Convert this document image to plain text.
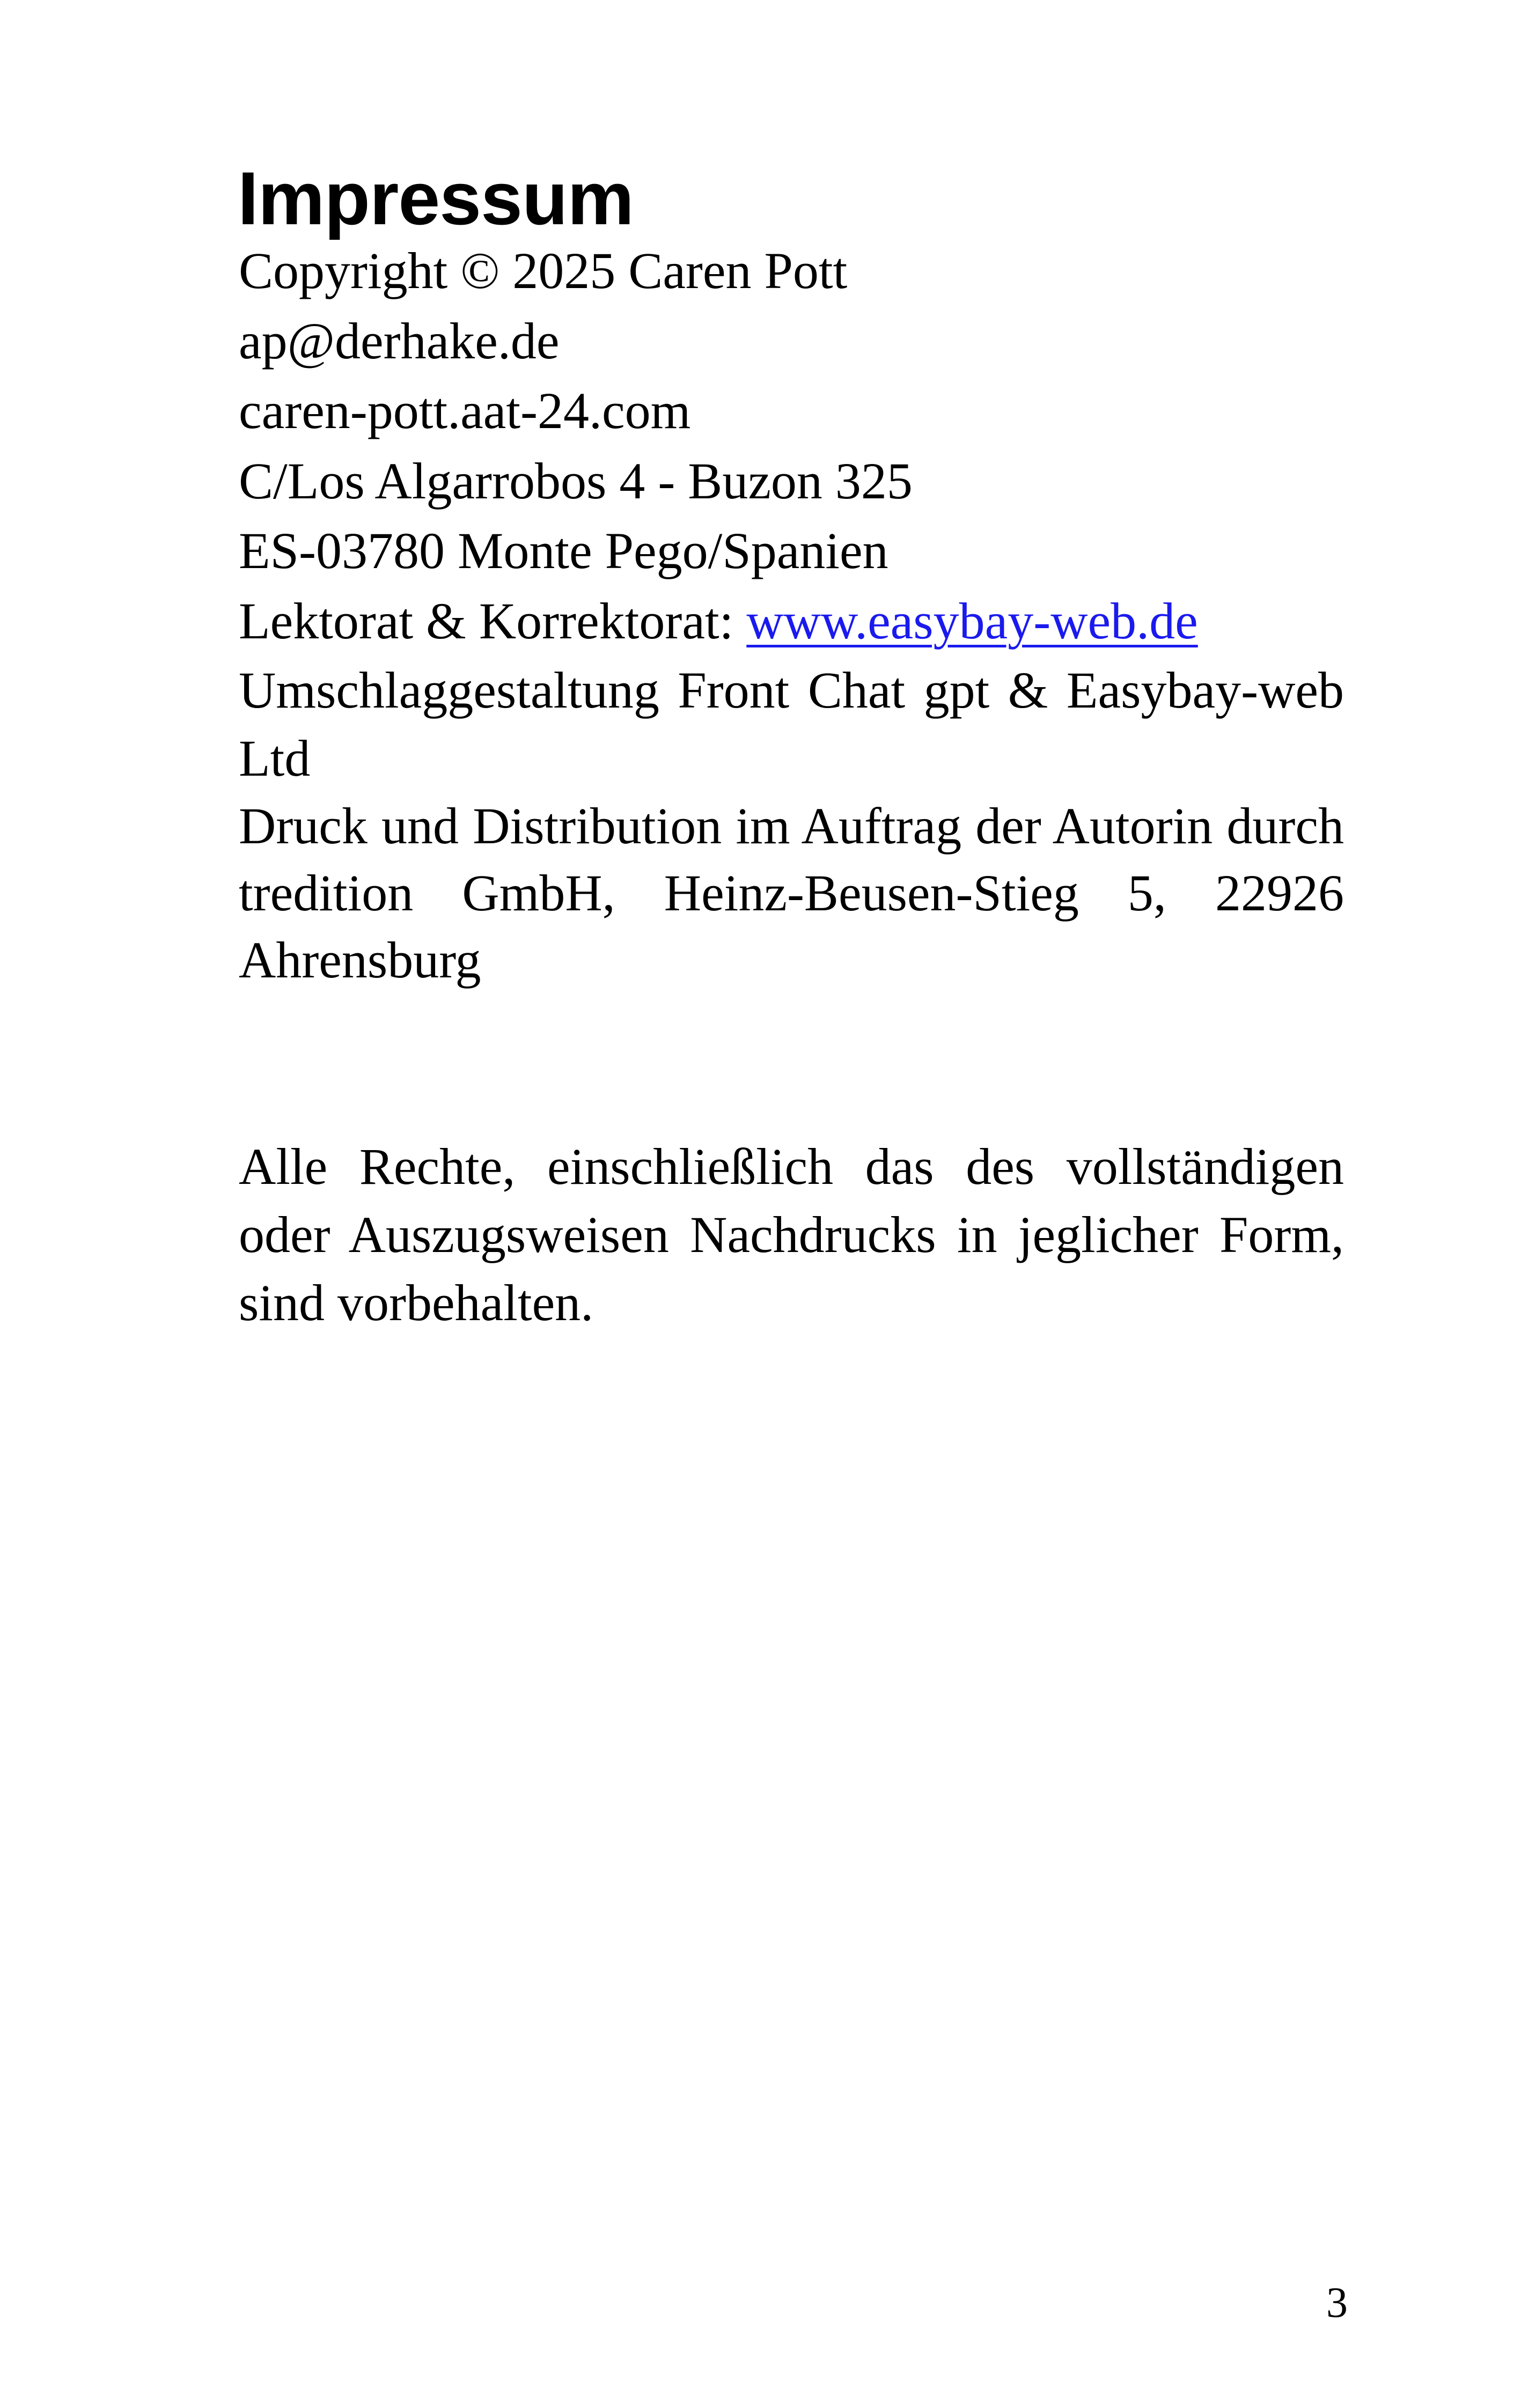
Impressum

Copyright © 2025 Caren Pott

ap@derhake.de

caren-pott.aat-24.com

C/Los Algarrobos 4 - Buzon 325

ES-03780 Monte Pego/Spanien

Lektorat & Korrektorat: www.easybay-web.de

Umschlaggestaltung Front Chat gpt & Easybay-web Ltd

Druck und Distribution im Auftrag der Autorin durch tredition GmbH, Heinz-Beusen-Stieg 5, 22926 Ahrensburg

Alle Rechte, einschließlich das des vollständigen oder Auszugsweisen Nachdrucks in jeglicher Form, sind vorbehalten.

3
